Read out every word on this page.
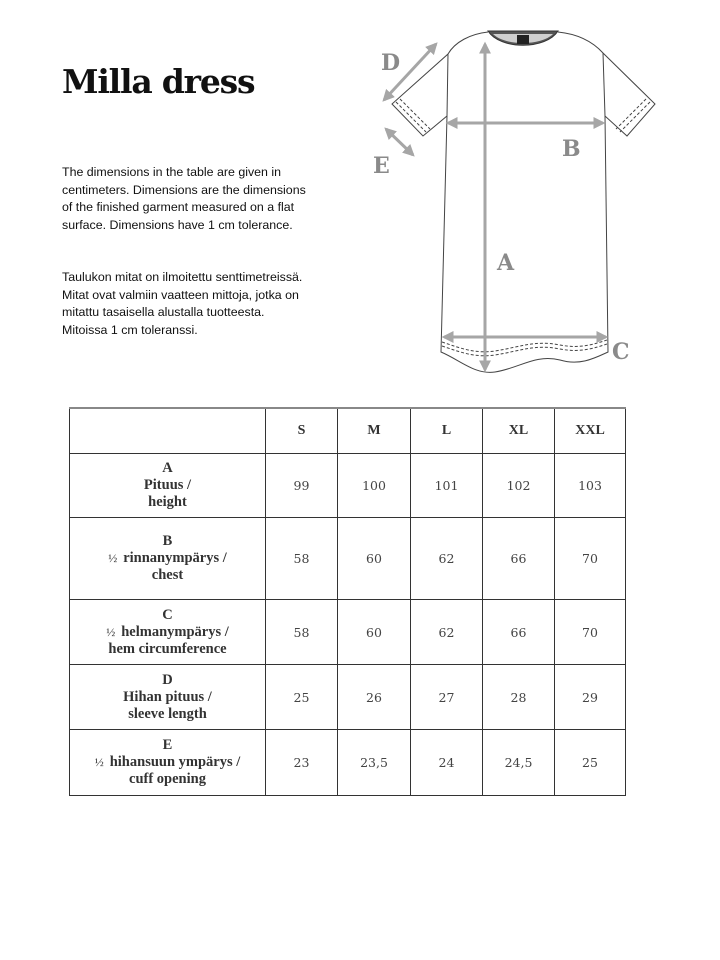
Milla dress

The dimensions in the table are given in centimeters. Dimensions are the dimensions of the finished garment measured on a flat surface. Dimensions have 1 cm tolerance.

Taulukon mitat on ilmoitettu senttimetreissä. Mitat ovat valmiin vaatteen mittoja, jotka on mitattu tasaisella alustalla tuotteesta. Mitoissa 1 cm toleranssi.

D
E
B
A
C
	S	M	L	XL	XXL

A
Pituus /
height	99	100	101	102	103

B
½ rinnanympärys /
chest	58	60	62	66	70

C
½ helmanympärys /
hem circumference	58	60	62	66	70

D
Hihan pituus /
sleeve length	25	26	27	28	29

E
½ hihansuun ympärys /
cuff opening	23	23,5	24	24,5	25
